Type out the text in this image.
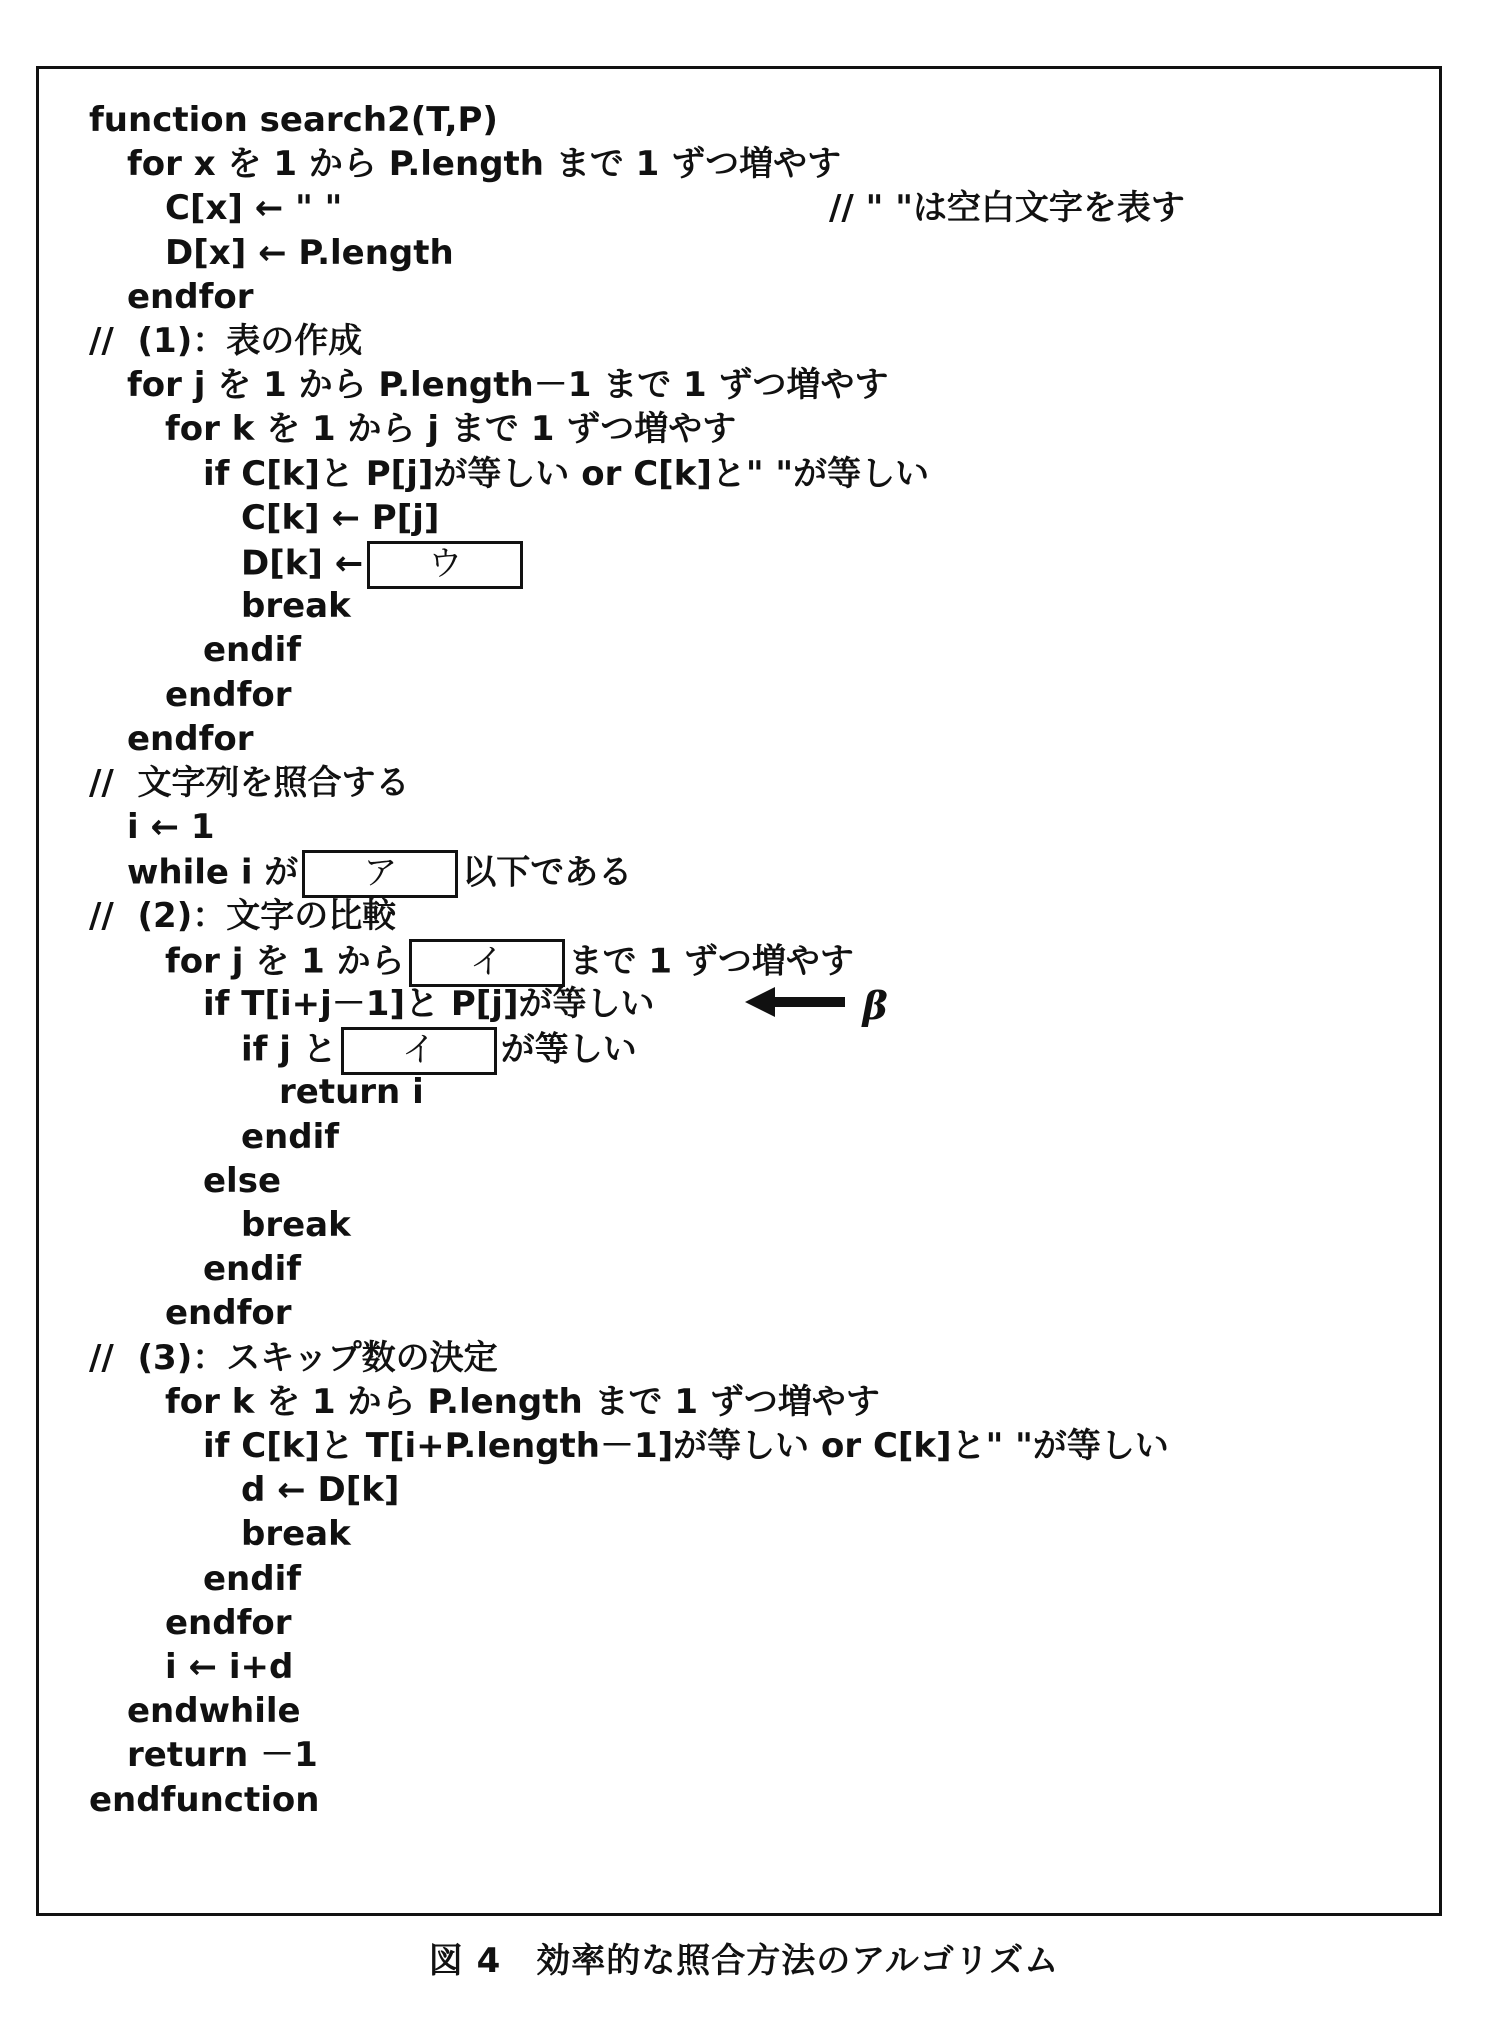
function search2(T,P)
for x を 1 から P.length まで 1 ずつ増やす
C[x] ← " "	// " "は空白文字を表す
D[x] ← P.length
endfor
//  (1)：表の作成
for j を 1 から P.length－1 まで 1 ずつ増やす
for k を 1 から j まで 1 ずつ増やす
if C[k]と P[j]が等しい or C[k]と" "が等しい
C[k] ← P[j]
D[k] ← ウ
break
endif
endfor
endfor
//  文字列を照合する
i ← 1
while i が ア 以下である
//  (2)：文字の比較
for j を 1 から イ まで 1 ずつ増やす
if T[i+j－1]と P[j]が等しい	β
if j と イ が等しい
return i
endif
else
break
endif
endfor
//  (3)：スキップ数の決定
for k を 1 から P.length まで 1 ずつ増やす
if C[k]と T[i+P.length－1]が等しい or C[k]と" "が等しい
d ← D[k]
break
endif
endfor
i ← i+d
endwhile
return －1
endfunction
図 4　効率的な照合方法のアルゴリズム
